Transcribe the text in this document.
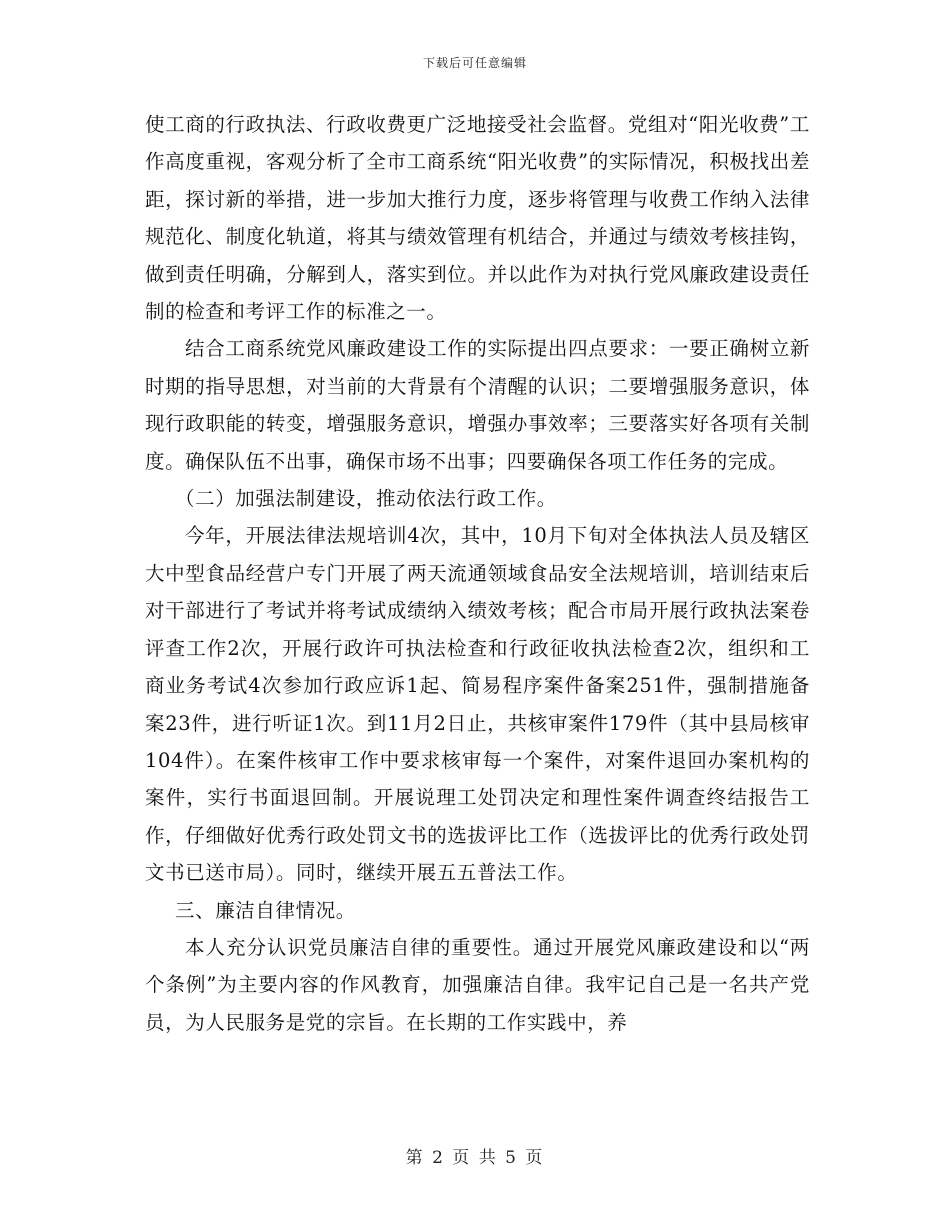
下载后可任意编辑

使工商的行政执法、行政收费更广泛地接受社会监督。党组对“阳光收费”工作高度重视，客观分析了全市工商系统“阳光收费”的实际情况，积极找出差距，探讨新的举措，进一步加大推行力度，逐步将管理与收费工作纳入法律规范化、制度化轨道，将其与绩效管理有机结合，并通过与绩效考核挂钩，做到责任明确，分解到人，落实到位。并以此作为对执行党风廉政建设责任制的检查和考评工作的标准之一。

结合工商系统党风廉政建设工作的实际提出四点要求：一要正确树立新时期的指导思想，对当前的大背景有个清醒的认识；二要增强服务意识，体现行政职能的转变，增强服务意识，增强办事效率；三要落实好各项有关制度。确保队伍不出事，确保市场不出事；四要确保各项工作任务的完成。

（二）加强法制建设，推动依法行政工作。

今年，开展法律法规培训4次，其中，10月下旬对全体执法人员及辖区大中型食品经营户专门开展了两天流通领域食品安全法规培训，培训结束后对干部进行了考试并将考试成绩纳入绩效考核；配合市局开展行政执法案卷评查工作2次，开展行政许可执法检查和行政征收执法检查2次，组织和工商业务考试4次参加行政应诉1起、简易程序案件备案251件，强制措施备案23件，进行听证1次。到11月2日止，共核审案件179件（其中县局核审104件）。在案件核审工作中要求核审每一个案件，对案件退回办案机构的案件，实行书面退回制。开展说理工处罚决定和理性案件调查终结报告工作，仔细做好优秀行政处罚文书的选拔评比工作（选拔评比的优秀行政处罚文书已送市局）。同时，继续开展五五普法工作。

三、廉洁自律情况。

本人充分认识党员廉洁自律的重要性。通过开展党风廉政建设和以“两个条例”为主要内容的作风教育，加强廉洁自律。我牢记自己是一名共产党员，为人民服务是党的宗旨。在长期的工作实践中，养

第 2 页 共 5 页
